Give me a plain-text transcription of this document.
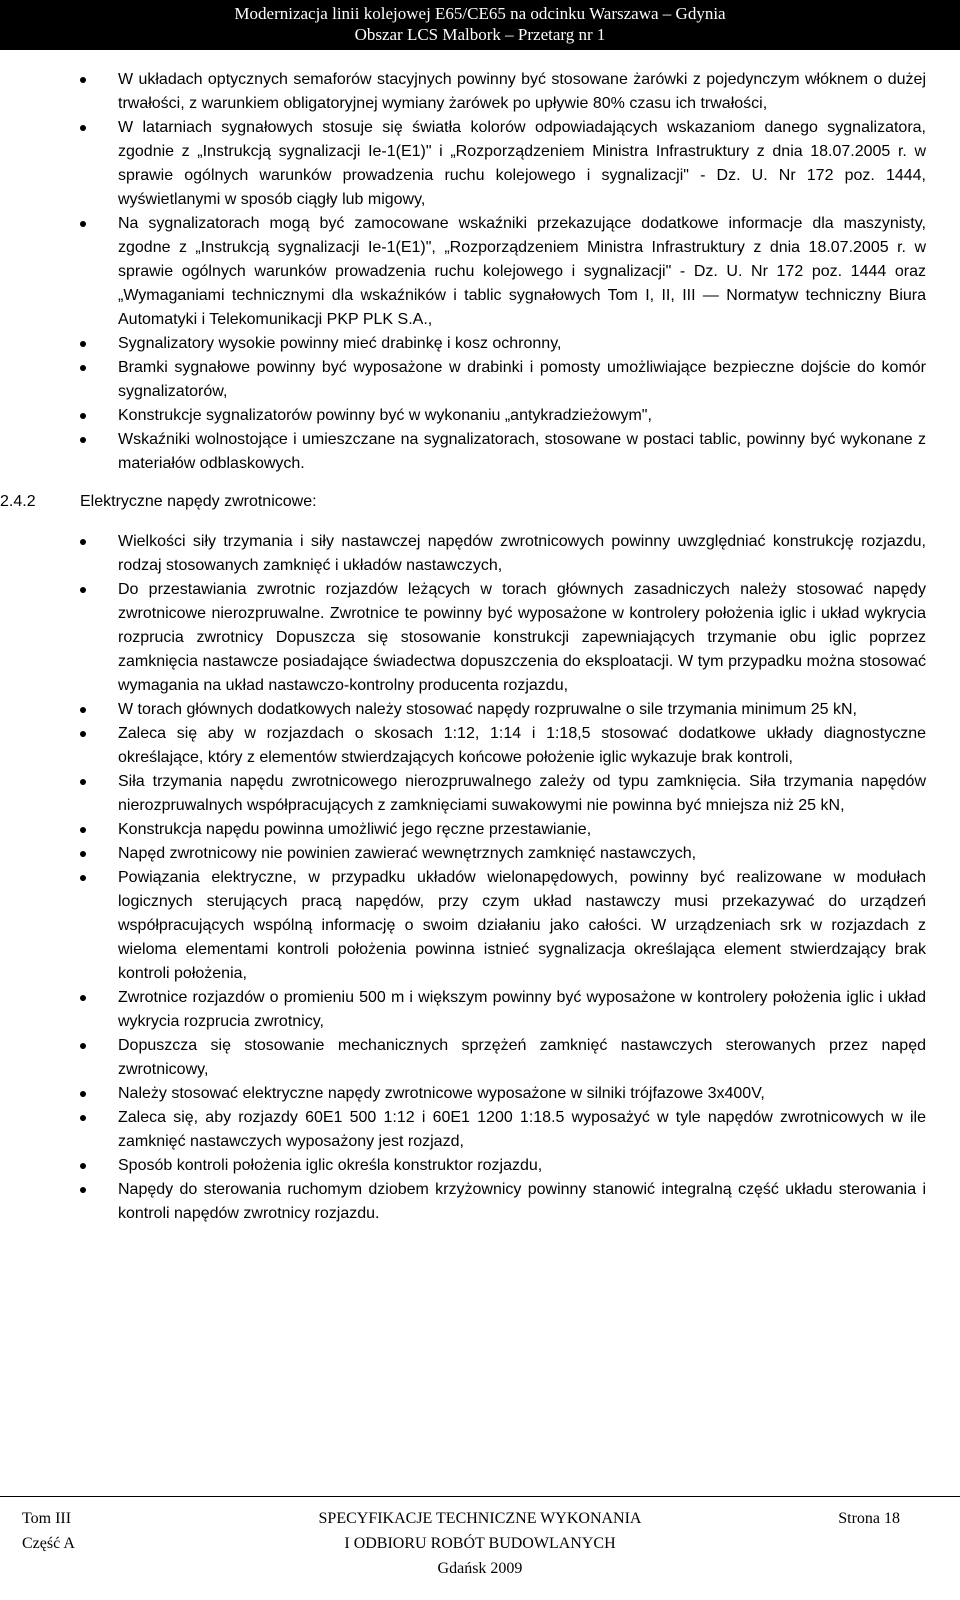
Modernizacja linii kolejowej E65/CE65 na odcinku Warszawa – Gdynia
Obszar LCS Malbork – Przetarg nr 1
W układach optycznych semaforów stacyjnych powinny być stosowane żarówki z pojedynczym włóknem o dużej trwałości, z warunkiem obligatoryjnej wymiany żarówek po upływie 80% czasu ich trwałości,
W latarniach sygnałowych stosuje się światła kolorów odpowiadających wskazaniom danego sygnalizatora, zgodnie z „Instrukcją sygnalizacji Ie-1(E1)" i „Rozporządzeniem Ministra Infrastruktury z dnia 18.07.2005 r. w sprawie ogólnych warunków prowadzenia ruchu kolejowego i sygnalizacji" - Dz. U. Nr 172 poz. 1444, wyświetlanymi w sposób ciągły lub migowy,
Na sygnalizatorach mogą być zamocowane wskaźniki przekazujące dodatkowe informacje dla maszynisty, zgodne z „Instrukcją sygnalizacji Ie-1(E1)", „Rozporządzeniem Ministra Infrastruktury z dnia 18.07.2005 r. w sprawie ogólnych warunków prowadzenia ruchu kolejowego i sygnalizacji" - Dz. U. Nr 172 poz. 1444 oraz „Wymaganiami technicznymi dla wskaźników i tablic sygnałowych Tom I, II, III — Normatyw techniczny Biura Automatyki i Telekomunikacji PKP PLK S.A.,
Sygnalizatory wysokie powinny mieć drabinkę i kosz ochronny,
Bramki sygnałowe powinny być wyposażone w drabinki i pomosty umożliwiające bezpieczne dojście do komór sygnalizatorów,
Konstrukcje sygnalizatorów powinny być w wykonaniu „antykradzieżowym",
Wskaźniki wolnostojące i umieszczane na sygnalizatorach, stosowane w postaci tablic, powinny być wykonane z materiałów odblaskowych.
2.4.2	Elektryczne napędy zwrotnicowe:
Wielkości siły trzymania i siły nastawczej napędów zwrotnicowych powinny uwzględniać konstrukcję rozjazdu, rodzaj stosowanych zamknięć i układów nastawczych,
Do przestawiania zwrotnic rozjazdów leżących w torach głównych zasadniczych należy stosować napędy zwrotnicowe nierozpruwalne. Zwrotnice te powinny być wyposażone w kontrolery położenia iglic i układ wykrycia rozprucia zwrotnicy Dopuszcza się stosowanie konstrukcji zapewniających trzymanie obu iglic poprzez zamknięcia nastawcze posiadające świadectwa dopuszczenia do eksploatacji. W tym przypadku można stosować wymagania na układ nastawczo-kontrolny producenta rozjazdu,
W torach głównych dodatkowych należy stosować napędy rozpruwalne o sile trzymania minimum 25 kN,
Zaleca się aby w rozjazdach o skosach 1:12, 1:14 i 1:18,5 stosować dodatkowe układy diagnostyczne określające, który z elementów stwierdzających końcowe położenie iglic wykazuje brak kontroli,
Siła trzymania napędu zwrotnicowego nierozpruwalnego zależy od typu zamknięcia. Siła trzymania napędów nierozpruwalnych współpracujących z zamknięciami suwakowymi nie powinna być mniejsza niż 25 kN,
Konstrukcja napędu powinna umożliwić jego ręczne przestawianie,
Napęd zwrotnicowy nie powinien zawierać wewnętrznych zamknięć nastawczych,
Powiązania elektryczne, w przypadku układów wielonapędowych, powinny być realizowane w modułach logicznych sterujących pracą napędów, przy czym układ nastawczy musi przekazywać do urządzeń współpracujących wspólną informację o swoim działaniu jako całości. W urządzeniach srk w rozjazdach z wieloma elementami kontroli położenia powinna istnieć sygnalizacja określająca element stwierdzający brak kontroli położenia,
Zwrotnice rozjazdów o promieniu 500 m i większym powinny być wyposażone w kontrolery położenia iglic i układ wykrycia rozprucia zwrotnicy,
Dopuszcza się stosowanie mechanicznych sprzężeń zamknięć nastawczych sterowanych przez napęd zwrotnicowy,
Należy stosować elektryczne napędy zwrotnicowe wyposażone w silniki trójfazowe 3x400V,
Zaleca się, aby rozjazdy 60E1 500 1:12 i 60E1 1200 1:18.5 wyposażyć w tyle napędów zwrotnicowych w ile zamknięć nastawczych wyposażony jest rozjazd,
Sposób kontroli położenia iglic określa konstruktor rozjazdu,
Napędy do sterowania ruchomym dziobem krzyżownicy powinny stanowić integralną część układu sterowania i kontroli napędów zwrotnicy rozjazdu.
Tom III
Część A
SPECYFIKACJE TECHNICZNE WYKONANIA
I ODBIORU ROBÓT BUDOWLANYCH
Gdańsk 2009
Strona 18
